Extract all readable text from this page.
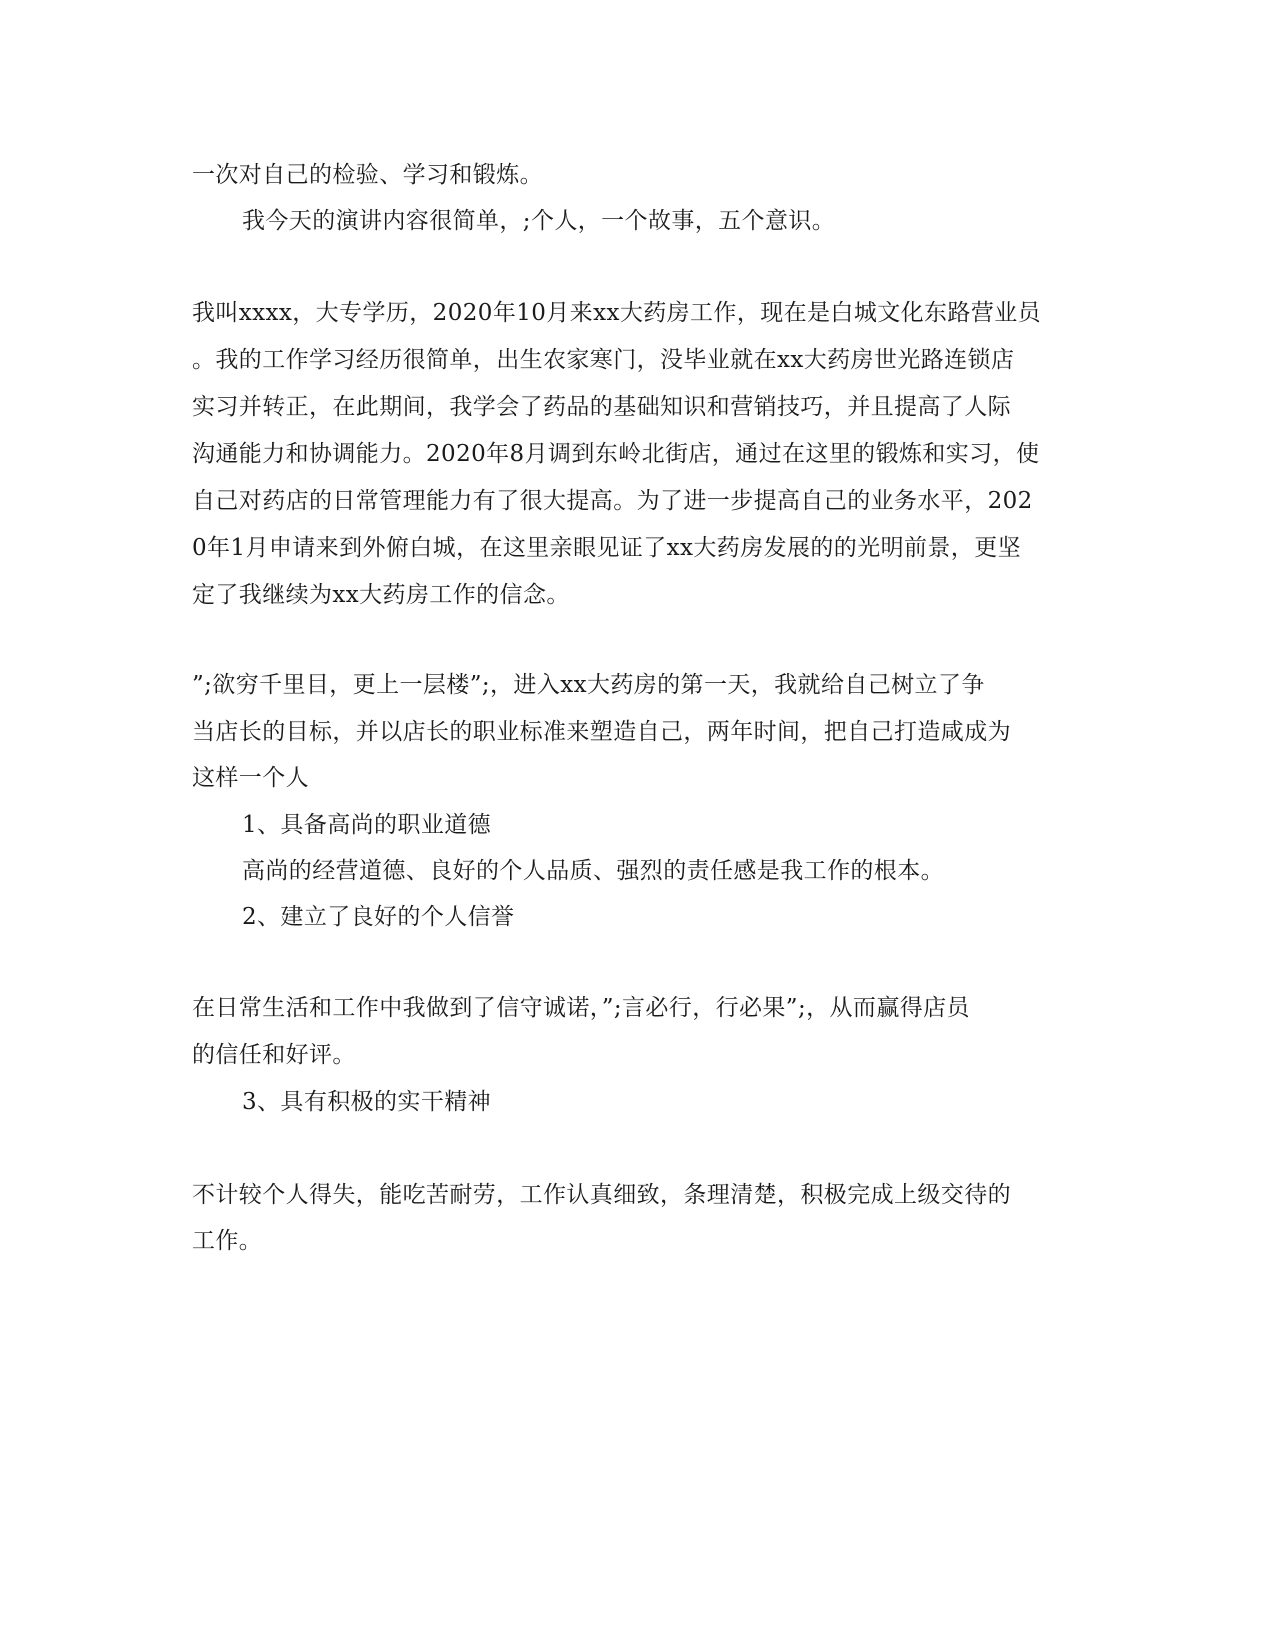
一次对自己的检验、学习和锻炼。
我今天的演讲内容很简单，;个人，一个故事，五个意识。
我叫xxxx，大专学历，2020年10月来xx大药房工作，现在是白城文化东路营业员
。我的工作学习经历很简单，出生农家寒门，没毕业就在xx大药房世光路连锁店
实习并转正，在此期间，我学会了药品的基础知识和营销技巧，并且提高了人际
沟通能力和协调能力。2020年8月调到东岭北街店，通过在这里的锻炼和实习，使
自己对药店的日常管理能力有了很大提高。为了进一步提高自己的业务水平，202
0年1月申请来到外俯白城，在这里亲眼见证了xx大药房发展的的光明前景，更坚
定了我继续为xx大药房工作的信念。
”;欲穷千里目，更上一层楼”;，进入xx大药房的第一天，我就给自己树立了争
当店长的目标，并以店长的职业标准来塑造自己，两年时间，把自己打造咸成为
这样一个人
1、具备高尚的职业道德
高尚的经营道德、良好的个人品质、强烈的责任感是我工作的根本。
2、建立了良好的个人信誉
在日常生活和工作中我做到了信守诚诺，”;言必行，行必果”;，从而赢得店员
的信任和好评。
3、具有积极的实干精神
不计较个人得失，能吃苦耐劳，工作认真细致，条理清楚，积极完成上级交待的
工作。
